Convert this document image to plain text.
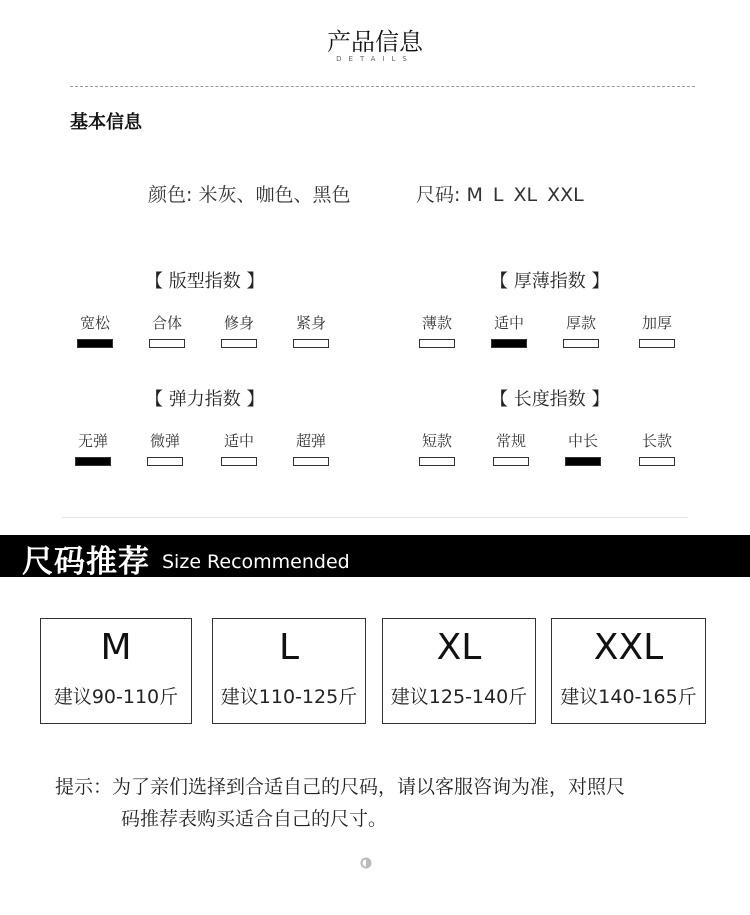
产品信息
DETAILS
基本信息
颜色: 米灰、咖色、黑色	尺码: M L XL XXL
【 版型指数 】
宽松	合体	修身	紧身
【 厚薄指数 】
薄款	适中	厚款	加厚
【 弹力指数 】
无弹	微弹	适中	超弹
【 长度指数 】
短款	常规	中长	长款
尺码推荐 Size Recommended
M
建议90-110斤
L
建议110-125斤
XL
建议125-140斤
XXL
建议140-165斤
提示：为了亲们选择到合适自己的尺码，请以客服咨询为准，对照尺
码推荐表购买适合自己的尺寸。
